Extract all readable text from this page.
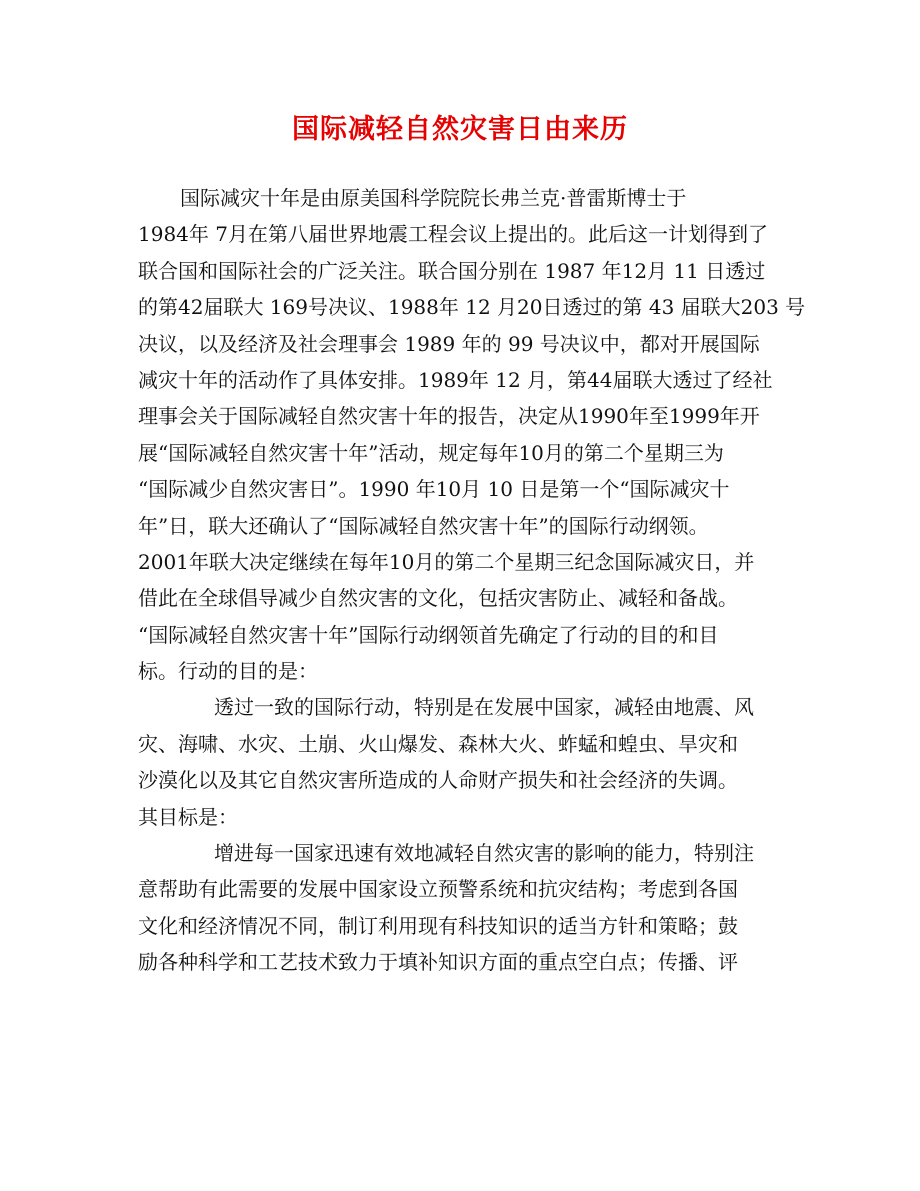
国际减轻自然灾害日由来历
国际减灾十年是由原美国科学院院长弗兰克·普雷斯博士于
1984年 7月在第八届世界地震工程会议上提出的。此后这一计划得到了
联合国和国际社会的广泛关注。联合国分别在 1987 年12月 11 日透过
的第42届联大 169号决议、1988年 12 月20日透过的第 43 届联大203 号
决议，以及经济及社会理事会 1989 年的 99 号决议中，都对开展国际
减灾十年的活动作了具体安排。1989年 12 月，第44届联大透过了经社
理事会关于国际减轻自然灾害十年的报告，决定从1990年至1999年开
展“国际减轻自然灾害十年”活动，规定每年10月的第二个星期三为
“国际减少自然灾害日”。1990 年10月 10 日是第一个“国际减灾十
年”日，联大还确认了“国际减轻自然灾害十年”的国际行动纲领。
2001年联大决定继续在每年10月的第二个星期三纪念国际减灾日，并
借此在全球倡导减少自然灾害的文化，包括灾害防止、减轻和备战。
“国际减轻自然灾害十年”国际行动纲领首先确定了行动的目的和目
标。行动的目的是：
透过一致的国际行动，特别是在发展中国家，减轻由地震、风
灾、海啸、水灾、土崩、火山爆发、森林大火、蚱蜢和蝗虫、旱灾和
沙漠化以及其它自然灾害所造成的人命财产损失和社会经济的失调。
其目标是：
增进每一国家迅速有效地减轻自然灾害的影响的能力，特别注
意帮助有此需要的发展中国家设立预警系统和抗灾结构；考虑到各国
文化和经济情况不同，制订利用现有科技知识的适当方针和策略；鼓
励各种科学和工艺技术致力于填补知识方面的重点空白点；传播、评
